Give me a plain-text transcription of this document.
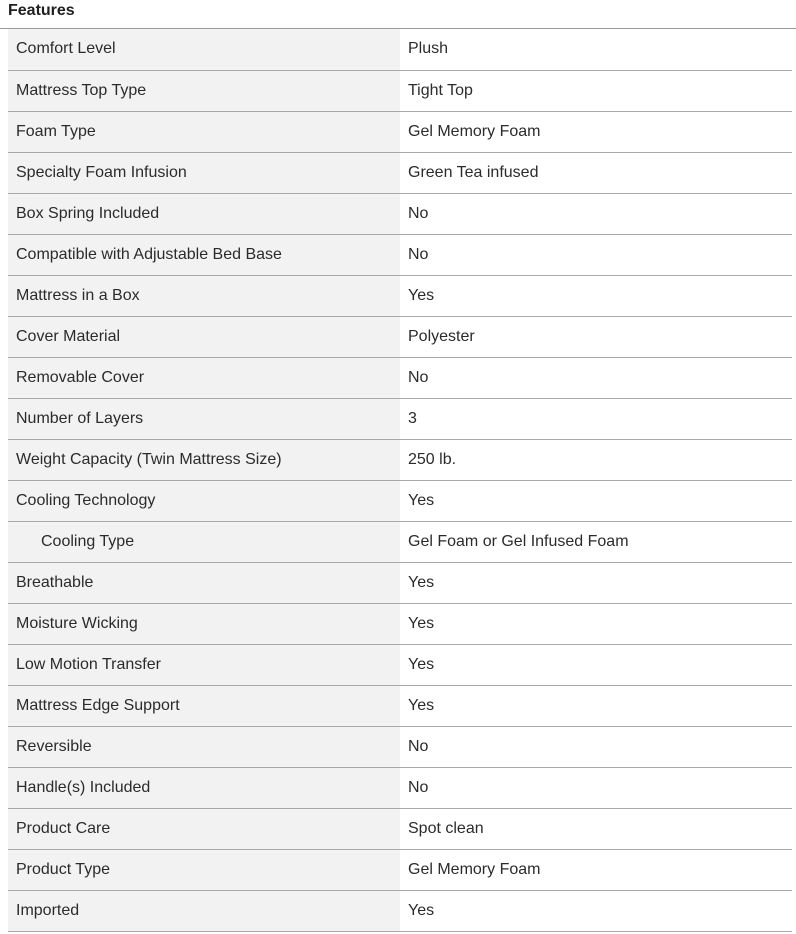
Features
Comfort Level	Plush
Mattress Top Type	Tight Top
Foam Type	Gel Memory Foam
Specialty Foam Infusion	Green Tea infused
Box Spring Included	No
Compatible with Adjustable Bed Base	No
Mattress in a Box	Yes
Cover Material	Polyester
Removable Cover	No
Number of Layers	3
Weight Capacity (Twin Mattress Size)	250 lb.
Cooling Technology	Yes
Cooling Type	Gel Foam or Gel Infused Foam
Breathable	Yes
Moisture Wicking	Yes
Low Motion Transfer	Yes
Mattress Edge Support	Yes
Reversible	No
Handle(s) Included	No
Product Care	Spot clean
Product Type	Gel Memory Foam
Imported	Yes
